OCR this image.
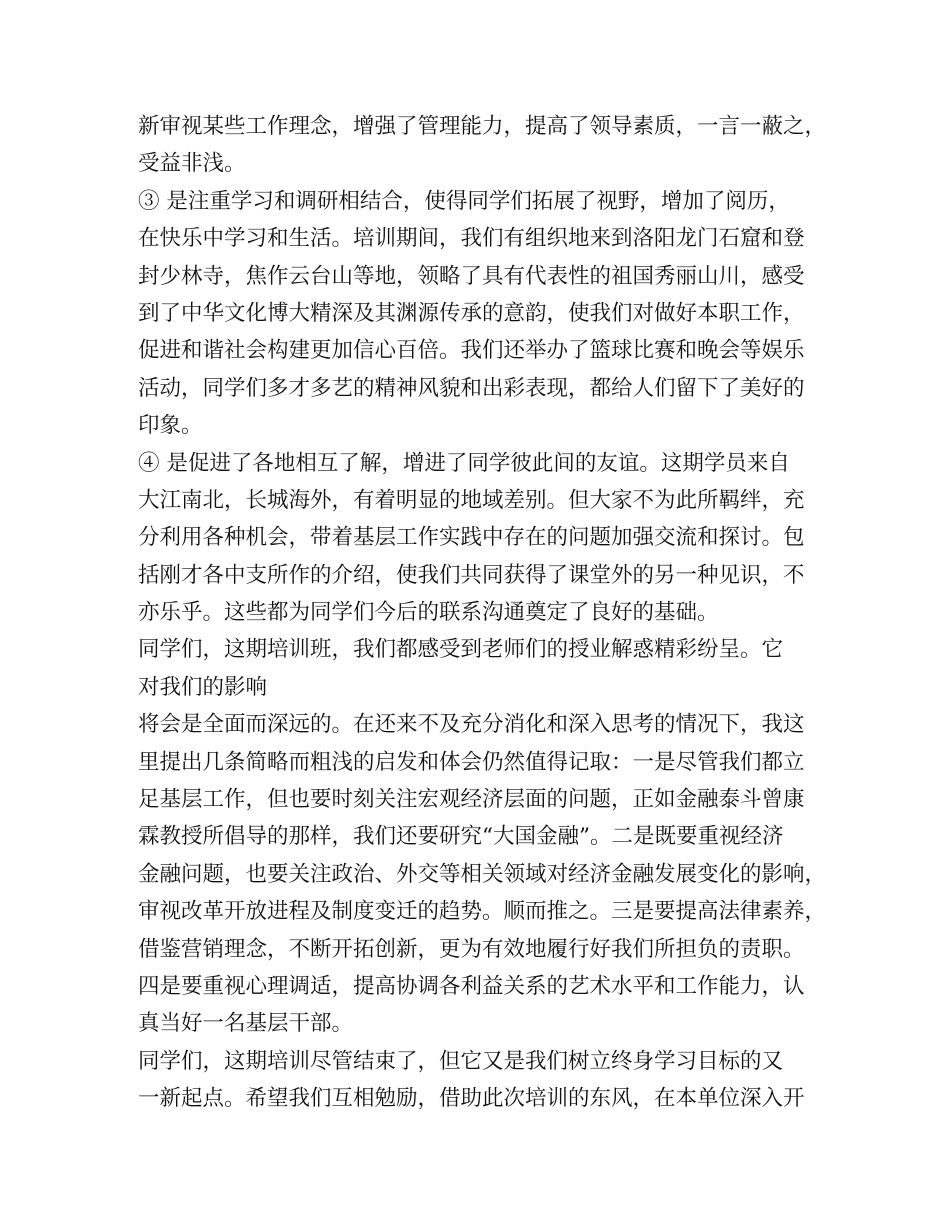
新审视某些工作理念，增强了管理能力，提高了领导素质，一言一蔽之，
受益非浅。
③ 是注重学习和调研相结合，使得同学们拓展了视野，增加了阅历，
在快乐中学习和生活。培训期间，我们有组织地来到洛阳龙门石窟和登
封少林寺，焦作云台山等地，领略了具有代表性的祖国秀丽山川，感受
到了中华文化博大精深及其渊源传承的意韵，使我们对做好本职工作，
促进和谐社会构建更加信心百倍。我们还举办了篮球比赛和晚会等娱乐
活动，同学们多才多艺的精神风貌和出彩表现，都给人们留下了美好的
印象。
④ 是促进了各地相互了解，增进了同学彼此间的友谊。这期学员来自
大江南北，长城海外，有着明显的地域差别。但大家不为此所羁绊，充
分利用各种机会，带着基层工作实践中存在的问题加强交流和探讨。包
括刚才各中支所作的介绍，使我们共同获得了课堂外的另一种见识，不
亦乐乎。这些都为同学们今后的联系沟通奠定了良好的基础。
同学们，这期培训班，我们都感受到老师们的授业解惑精彩纷呈。它
对我们的影响
将会是全面而深远的。在还来不及充分消化和深入思考的情况下，我这
里提出几条简略而粗浅的启发和体会仍然值得记取：一是尽管我们都立
足基层工作，但也要时刻关注宏观经济层面的问题，正如金融泰斗曾康
霖教授所倡导的那样，我们还要研究“大国金融”。二是既要重视经济
金融问题，也要关注政治、外交等相关领域对经济金融发展变化的影响，
审视改革开放进程及制度变迁的趋势。顺而推之。三是要提高法律素养，
借鉴营销理念，不断开拓创新，更为有效地履行好我们所担负的责职。
四是要重视心理调适，提高协调各利益关系的艺术水平和工作能力，认
真当好一名基层干部。
同学们，这期培训尽管结束了，但它又是我们树立终身学习目标的又
一新起点。希望我们互相勉励，借助此次培训的东风，在本单位深入开
